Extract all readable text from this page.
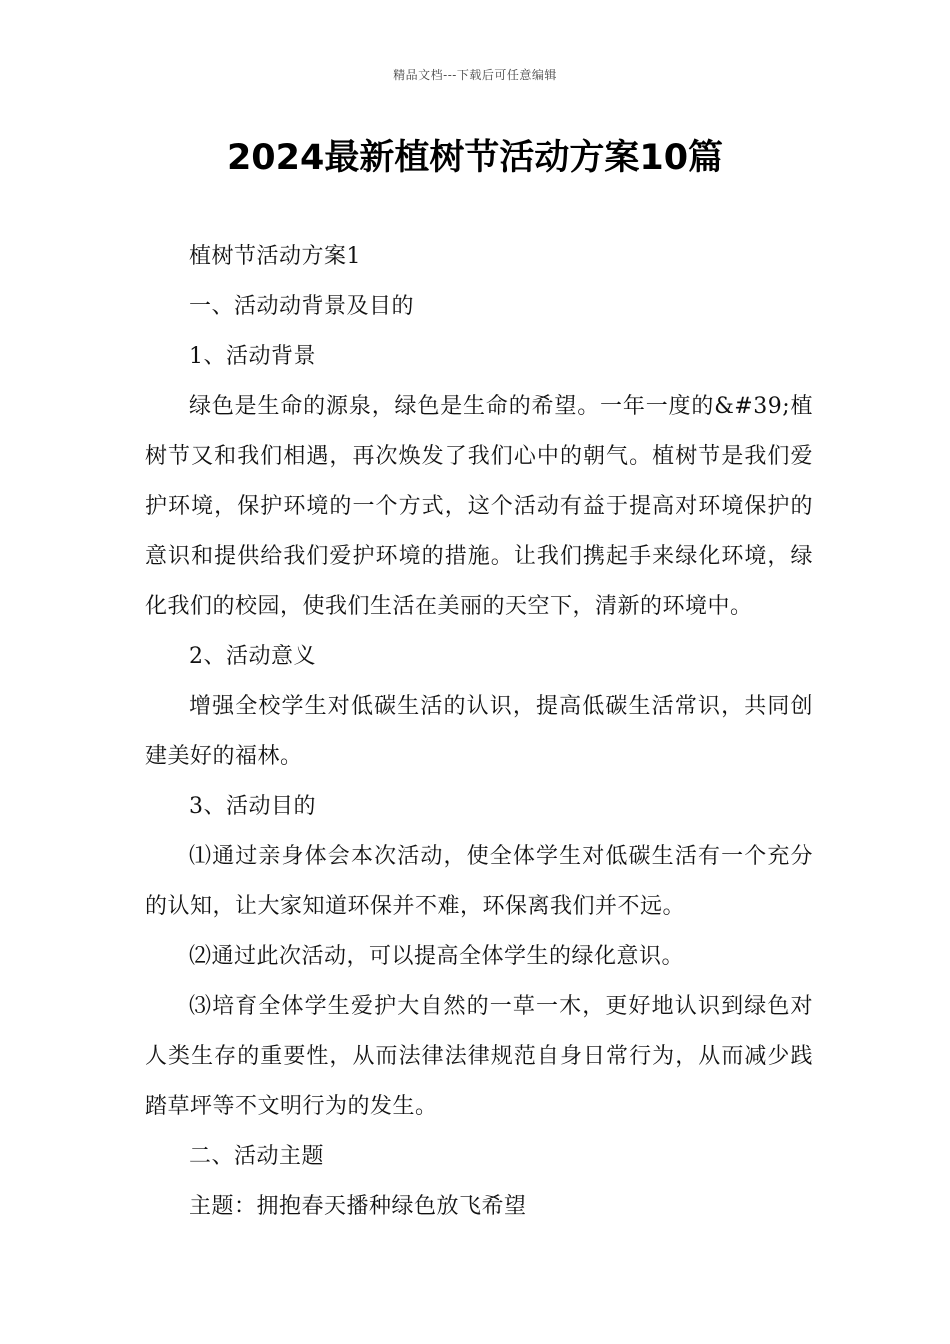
精品文档---下载后可任意编辑
2024最新植树节活动方案10篇

植树节活动方案1

一、活动动背景及目的

1、活动背景

绿色是生命的源泉，绿色是生命的希望。一年一度的&#39;植树节又和我们相遇，再次焕发了我们心中的朝气。植树节是我们爱护环境，保护环境的一个方式，这个活动有益于提高对环境保护的意识和提供给我们爱护环境的措施。让我们携起手来绿化环境，绿化我们的校园，使我们生活在美丽的天空下，清新的环境中。

2、活动意义

增强全校学生对低碳生活的认识，提高低碳生活常识，共同创建美好的福林。

3、活动目的

⑴通过亲身体会本次活动，使全体学生对低碳生活有一个充分的认知，让大家知道环保并不难，环保离我们并不远。

⑵通过此次活动，可以提高全体学生的绿化意识。

⑶培育全体学生爱护大自然的一草一木，更好地认识到绿色对人类生存的重要性，从而法律法律规范自身日常行为，从而减少践踏草坪等不文明行为的发生。

二、活动主题

主题：拥抱春天播种绿色放飞希望
